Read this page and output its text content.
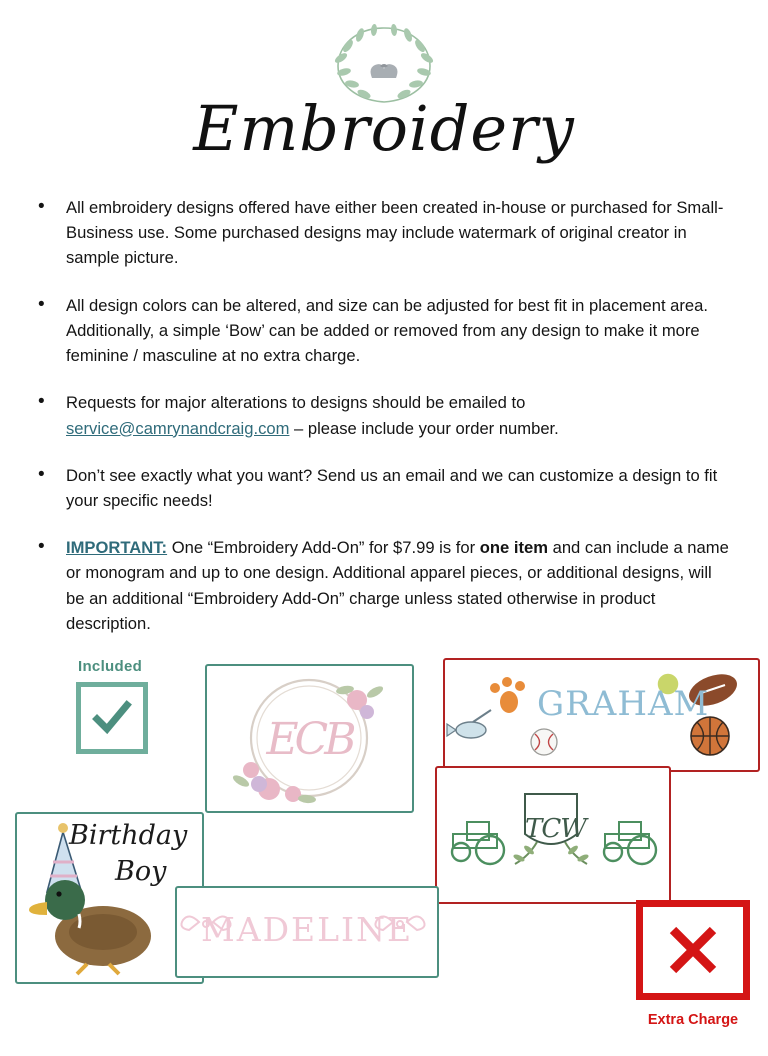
Embroidery
• All embroidery designs offered have either been created in-house or purchased for Small-Business use. Some purchased designs may include watermark of original creator in sample picture.
• All design colors can be altered, and size can be adjusted for best fit in placement area. Additionally, a simple ‘Bow’ can be added or removed from any design to make it more feminine / masculine at no extra charge.
• Requests for major alterations to designs should be emailed to service@camrynandcraig.com – please include your order number.
• Don’t see exactly what you want? Send us an email and we can customize a design to fit your specific needs!
• IMPORTANT: One “Embroidery Add-On” for $7.99 is for one item and can include a name or monogram and up to one design. Additional apparel pieces, or additional designs, will be an additional “Embroidery Add-On” charge unless stated otherwise in product description.
Included
ECB
GRAHAM
TCW
Birthday
Boy
MADELINE
Extra Charge
